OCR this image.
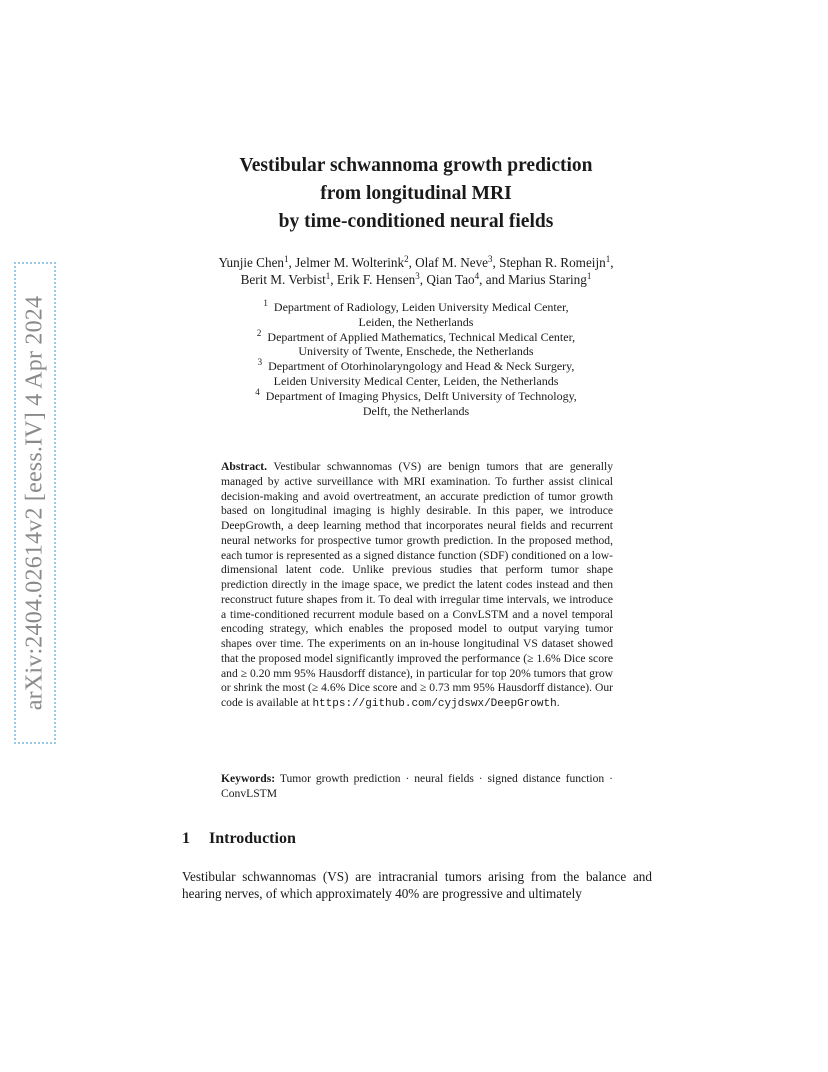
arXiv:2404.02614v2 [eess.IV] 4 Apr 2024
Vestibular schwannoma growth prediction
from longitudinal MRI
by time-conditioned neural fields
Yunjie Chen$^1$, Jelmer M. Wolterink$^2$, Olaf M. Neve$^3$, Stephan R. Romeijn$^1$,
Berit M. Verbist$^1$, Erik F. Hensen$^3$, Qian Tao$^4$, and Marius Staring$^1$
$^1$ Department of Radiology, Leiden University Medical Center,
Leiden, the Netherlands
$^2$ Department of Applied Mathematics, Technical Medical Center,
University of Twente, Enschede, the Netherlands
$^3$ Department of Otorhinolaryngology and Head & Neck Surgery,
Leiden University Medical Center, Leiden, the Netherlands
$^4$ Department of Imaging Physics, Delft University of Technology,
Delft, the Netherlands
Abstract. Vestibular schwannomas (VS) are benign tumors that are generally managed by active surveillance with MRI examination. To further assist clinical decision-making and avoid overtreatment, an accurate prediction of tumor growth based on longitudinal imaging is highly desirable. In this paper, we introduce DeepGrowth, a deep learning method that incorporates neural fields and recurrent neural networks for prospective tumor growth prediction. In the proposed method, each tumor is represented as a signed distance function (SDF) conditioned on a low-dimensional latent code. Unlike previous studies that perform tumor shape prediction directly in the image space, we predict the latent codes instead and then reconstruct future shapes from it. To deal with irregular time intervals, we introduce a time-conditioned recurrent module based on a ConvLSTM and a novel temporal encoding strategy, which enables the proposed model to output varying tumor shapes over time. The experiments on an in-house longitudinal VS dataset showed that the proposed model significantly improved the performance (≥ 1.6% Dice score and ≥ 0.20 mm 95% Hausdorff distance), in particular for top 20% tumors that grow or shrink the most (≥ 4.6% Dice score and ≥ 0.73 mm 95% Hausdorff distance). Our code is available at https://github.com/cyjdswx/DeepGrowth.
Keywords: Tumor growth prediction · neural fields · signed distance function · ConvLSTM
1 Introduction
Vestibular schwannomas (VS) are intracranial tumors arising from the balance and hearing nerves, of which approximately 40% are progressive and ultimately
